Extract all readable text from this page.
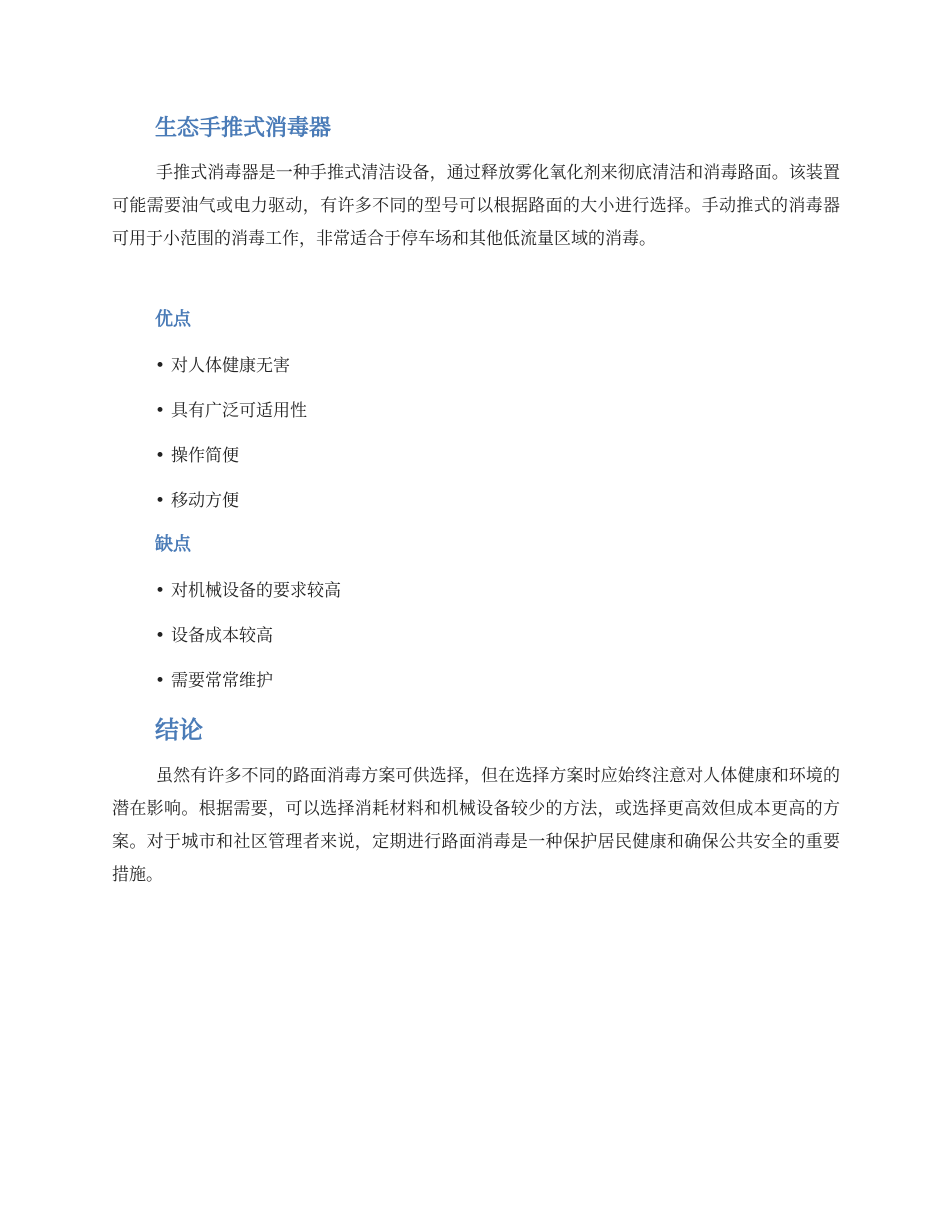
生态手推式消毒器

手推式消毒器是一种手推式清洁设备，通过释放雾化氧化剂来彻底清洁和消毒路面。该装置可能需要油气或电力驱动，有许多不同的型号可以根据路面的大小进行选择。手动推式的消毒器可用于小范围的消毒工作，非常适合于停车场和其他低流量区域的消毒。

优点
• 对人体健康无害
• 具有广泛可适用性
• 操作简便
• 移动方便
缺点
• 对机械设备的要求较高
• 设备成本较高
• 需要常常维护
结论

虽然有许多不同的路面消毒方案可供选择，但在选择方案时应始终注意对人体健康和环境的潜在影响。根据需要，可以选择消耗材料和机械设备较少的方法，或选择更高效但成本更高的方案。对于城市和社区管理者来说，定期进行路面消毒是一种保护居民健康和确保公共安全的重要措施。
